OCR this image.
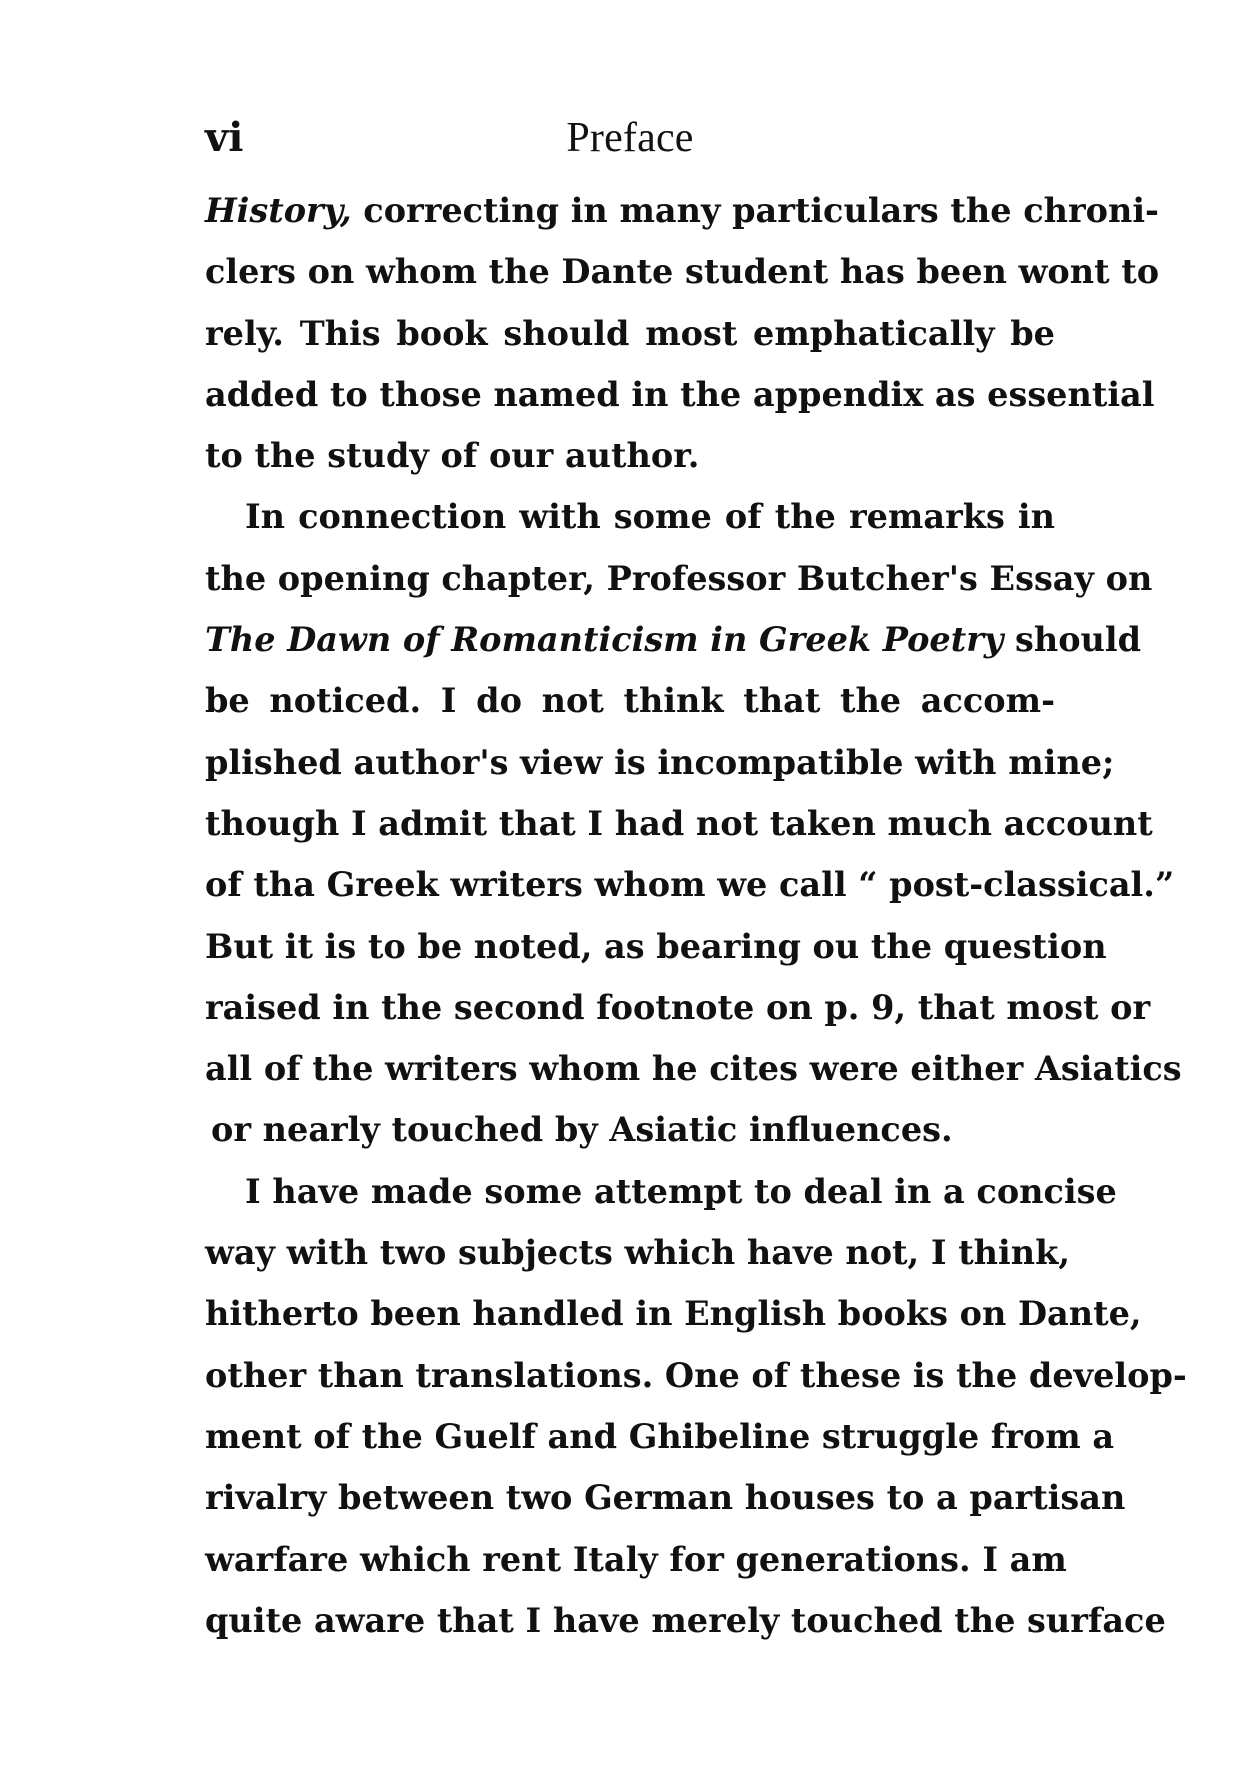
vi	Preface
History, correcting in many particulars the chroni-
clers on whom the Dante student has been wont to
rely. This book should most emphatically be
added to those named in the appendix as essential
to the study of our author.
In connection with some of the remarks in
the opening chapter, Professor Butcher's Essay on
The Dawn of Romanticism in Greek Poetry should
be noticed. I do not think that the accom-
plished author's view is incompatible with mine;
though I admit that I had not taken much account
of tha Greek writers whom we call “ post-classical.”
But it is to be noted, as bearing ou the question
raised in the second footnote on p. 9, that most or
all of the writers whom he cites were either Asiatics
or nearly touched by Asiatic influences.
I have made some attempt to deal in a concise
way with two subjects which have not, I think,
hitherto been handled in English books on Dante,
other than translations. One of these is the develop-
ment of the Guelf and Ghibeline struggle from a
rivalry between two German houses to a partisan
warfare which rent Italy for generations. I am
quite aware that I have merely touched the surface
